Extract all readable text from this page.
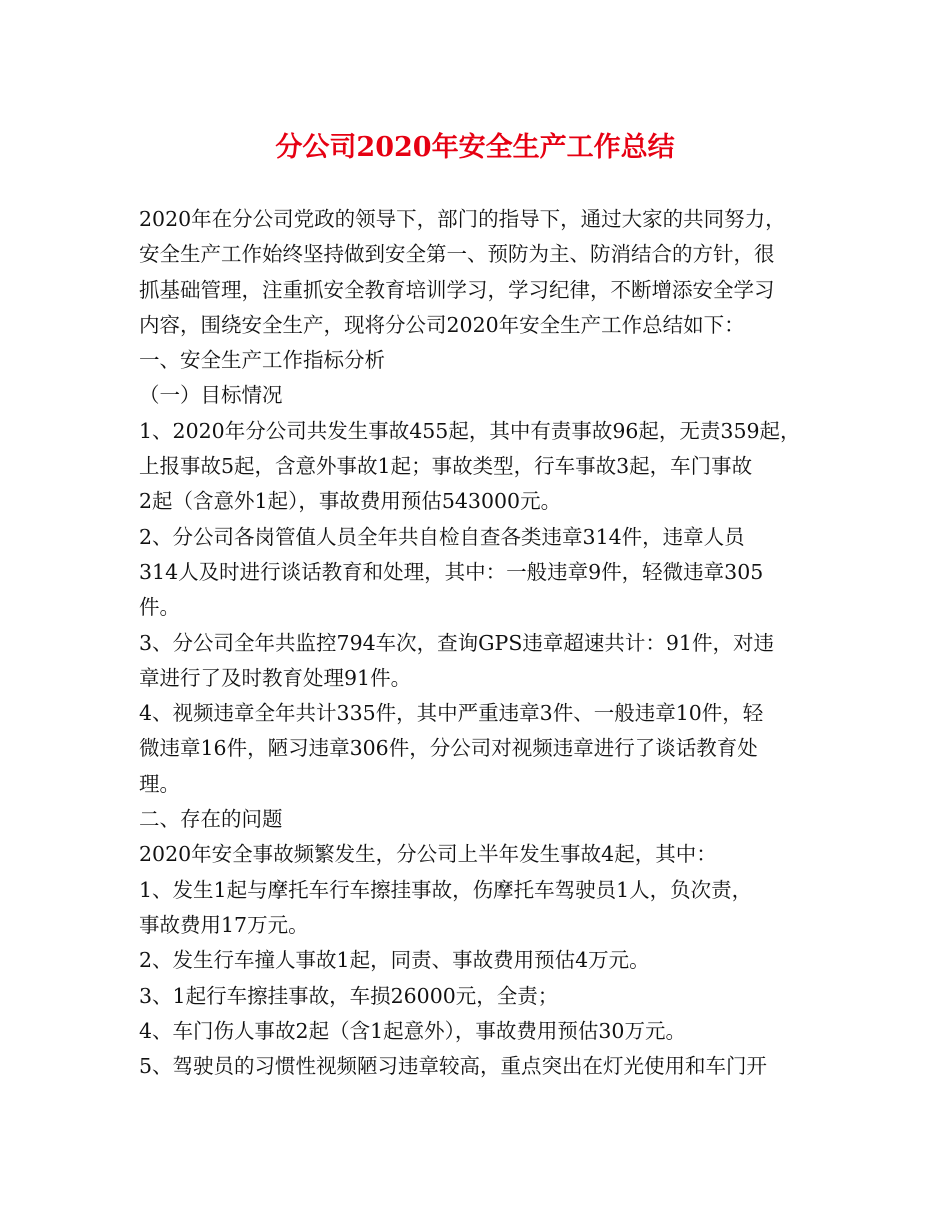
分公司2020年安全生产工作总结
2020年在分公司党政的领导下，部门的指导下，通过大家的共同努力，
安全生产工作始终坚持做到安全第一、预防为主、防消结合的方针，很
抓基础管理，注重抓安全教育培训学习，学习纪律，不断增添安全学习
内容，围绕安全生产，现将分公司2020年安全生产工作总结如下：
一、安全生产工作指标分析
（一）目标情况
1、2020年分公司共发生事故455起，其中有责事故96起，无责359起，
上报事故5起，含意外事故1起；事故类型，行车事故3起，车门事故
2起（含意外1起），事故费用预估543000元。
2、分公司各岗管值人员全年共自检自查各类违章314件，违章人员
314人及时进行谈话教育和处理，其中：一般违章9件，轻微违章305
件。
3、分公司全年共监控794车次，查询GPS违章超速共计：91件，对违
章进行了及时教育处理91件。
4、视频违章全年共计335件，其中严重违章3件、一般违章10件，轻
微违章16件，陋习违章306件，分公司对视频违章进行了谈话教育处
理。
二、存在的问题
2020年安全事故频繁发生，分公司上半年发生事故4起，其中：
1、发生1起与摩托车行车擦挂事故，伤摩托车驾驶员1人，负次责，
事故费用17万元。
2、发生行车撞人事故1起，同责、事故费用预估4万元。
3、1起行车擦挂事故，车损26000元，全责；
4、车门伤人事故2起（含1起意外），事故费用预估30万元。
5、驾驶员的习惯性视频陋习违章较高，重点突出在灯光使用和车门开
